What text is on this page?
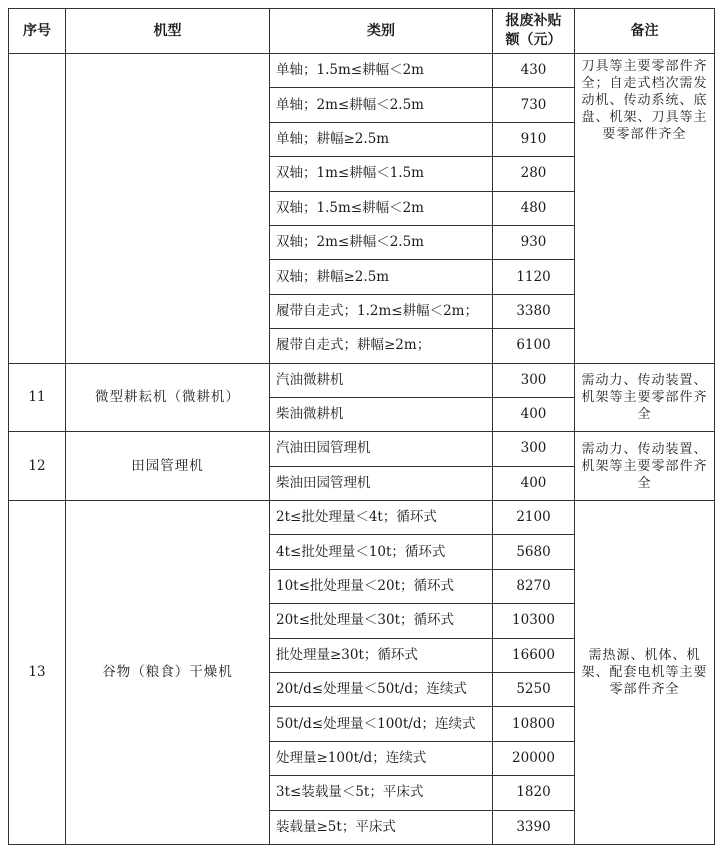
序号	机型	类别	报废补贴额（元）	备注
		单轴；1.5m≤耕幅＜2m	430	刀具等主要零部件齐全；自走式档次需发动机、传动系统、底盘、机架、刀具等主要零部件齐全
		单轴；2m≤耕幅＜2.5m	730	
		单轴；耕幅≥2.5m	910	
		双轴；1m≤耕幅＜1.5m	280	
		双轴；1.5m≤耕幅＜2m	480	
		双轴；2m≤耕幅＜2.5m	930	
		双轴；耕幅≥2.5m	1120	
		履带自走式；1.2m≤耕幅＜2m；	3380	
		履带自走式；耕幅≥2m；	6100	
11	微型耕耘机（微耕机）	汽油微耕机	300	需动力、传动装置、机架等主要零部件齐全
		柴油微耕机	400	
12	田园管理机	汽油田园管理机	300	需动力、传动装置、机架等主要零部件齐全
		柴油田园管理机	400	
13	谷物（粮食）干燥机	2t≤批处理量＜4t；循环式	2100	需热源、机体、机架、配套电机等主要零部件齐全
		4t≤批处理量＜10t；循环式	5680	
		10t≤批处理量＜20t；循环式	8270	
		20t≤批处理量＜30t；循环式	10300	
		批处理量≥30t；循环式	16600	
		20t/d≤处理量＜50t/d；连续式	5250	
		50t/d≤处理量＜100t/d；连续式	10800	
		处理量≥100t/d；连续式	20000	
		3t≤装载量＜5t；平床式	1820	
		装载量≥5t；平床式	3390	
